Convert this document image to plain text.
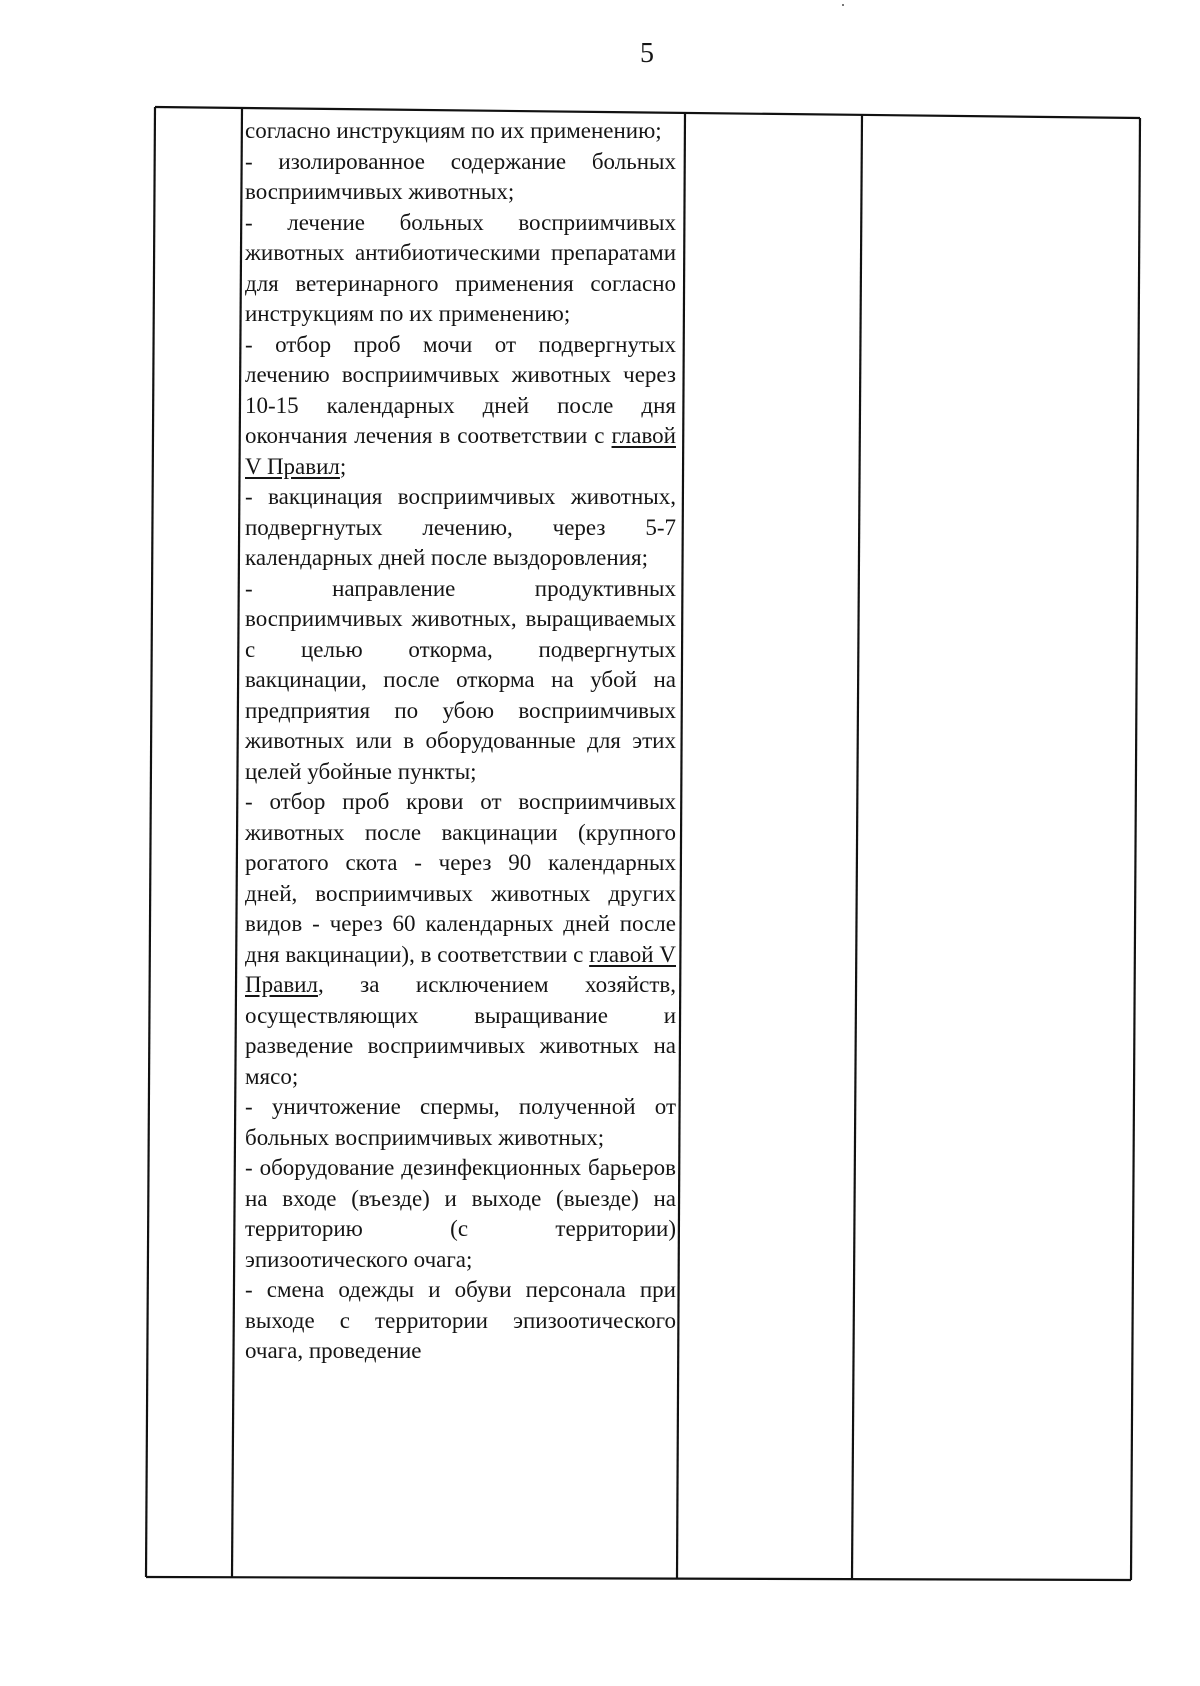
5

согласно инструкциям по их применению;

- изолированное содержание больных восприимчивых животных;

- лечение больных восприимчивых животных антибиотическими препаратами для ветеринарного применения согласно инструкциям по их применению;

- отбор проб мочи от подвергнутых лечению восприимчивых животных через 10-15 календарных дней после дня окончания лечения в соответствии с главой V Правил;

- вакцинация восприимчивых животных, подвергнутых лечению, через 5-7 календарных дней после выздоровления;

- направление продуктивных восприимчивых животных, выращиваемых с целью откорма, подвергнутых вакцинации, после откорма на убой на предприятия по убою восприимчивых животных или в оборудованные для этих целей убойные пункты;

- отбор проб крови от восприимчивых животных после вакцинации (крупного рогатого скота - через 90 календарных дней, восприимчивых животных других видов - через 60 календарных дней после дня вакцинации), в соответствии с главой V Правил, за исключением хозяйств, осуществляющих выращивание и разведение восприимчивых животных на мясо;

- уничтожение спермы, полученной от больных восприимчивых животных;

- оборудование дезинфекционных барьеров на входе (въезде) и выходе (выезде) на территорию (с территории) эпизоотического очага;

- смена одежды и обуви персонала при выходе с территории эпизоотического очага, проведение
